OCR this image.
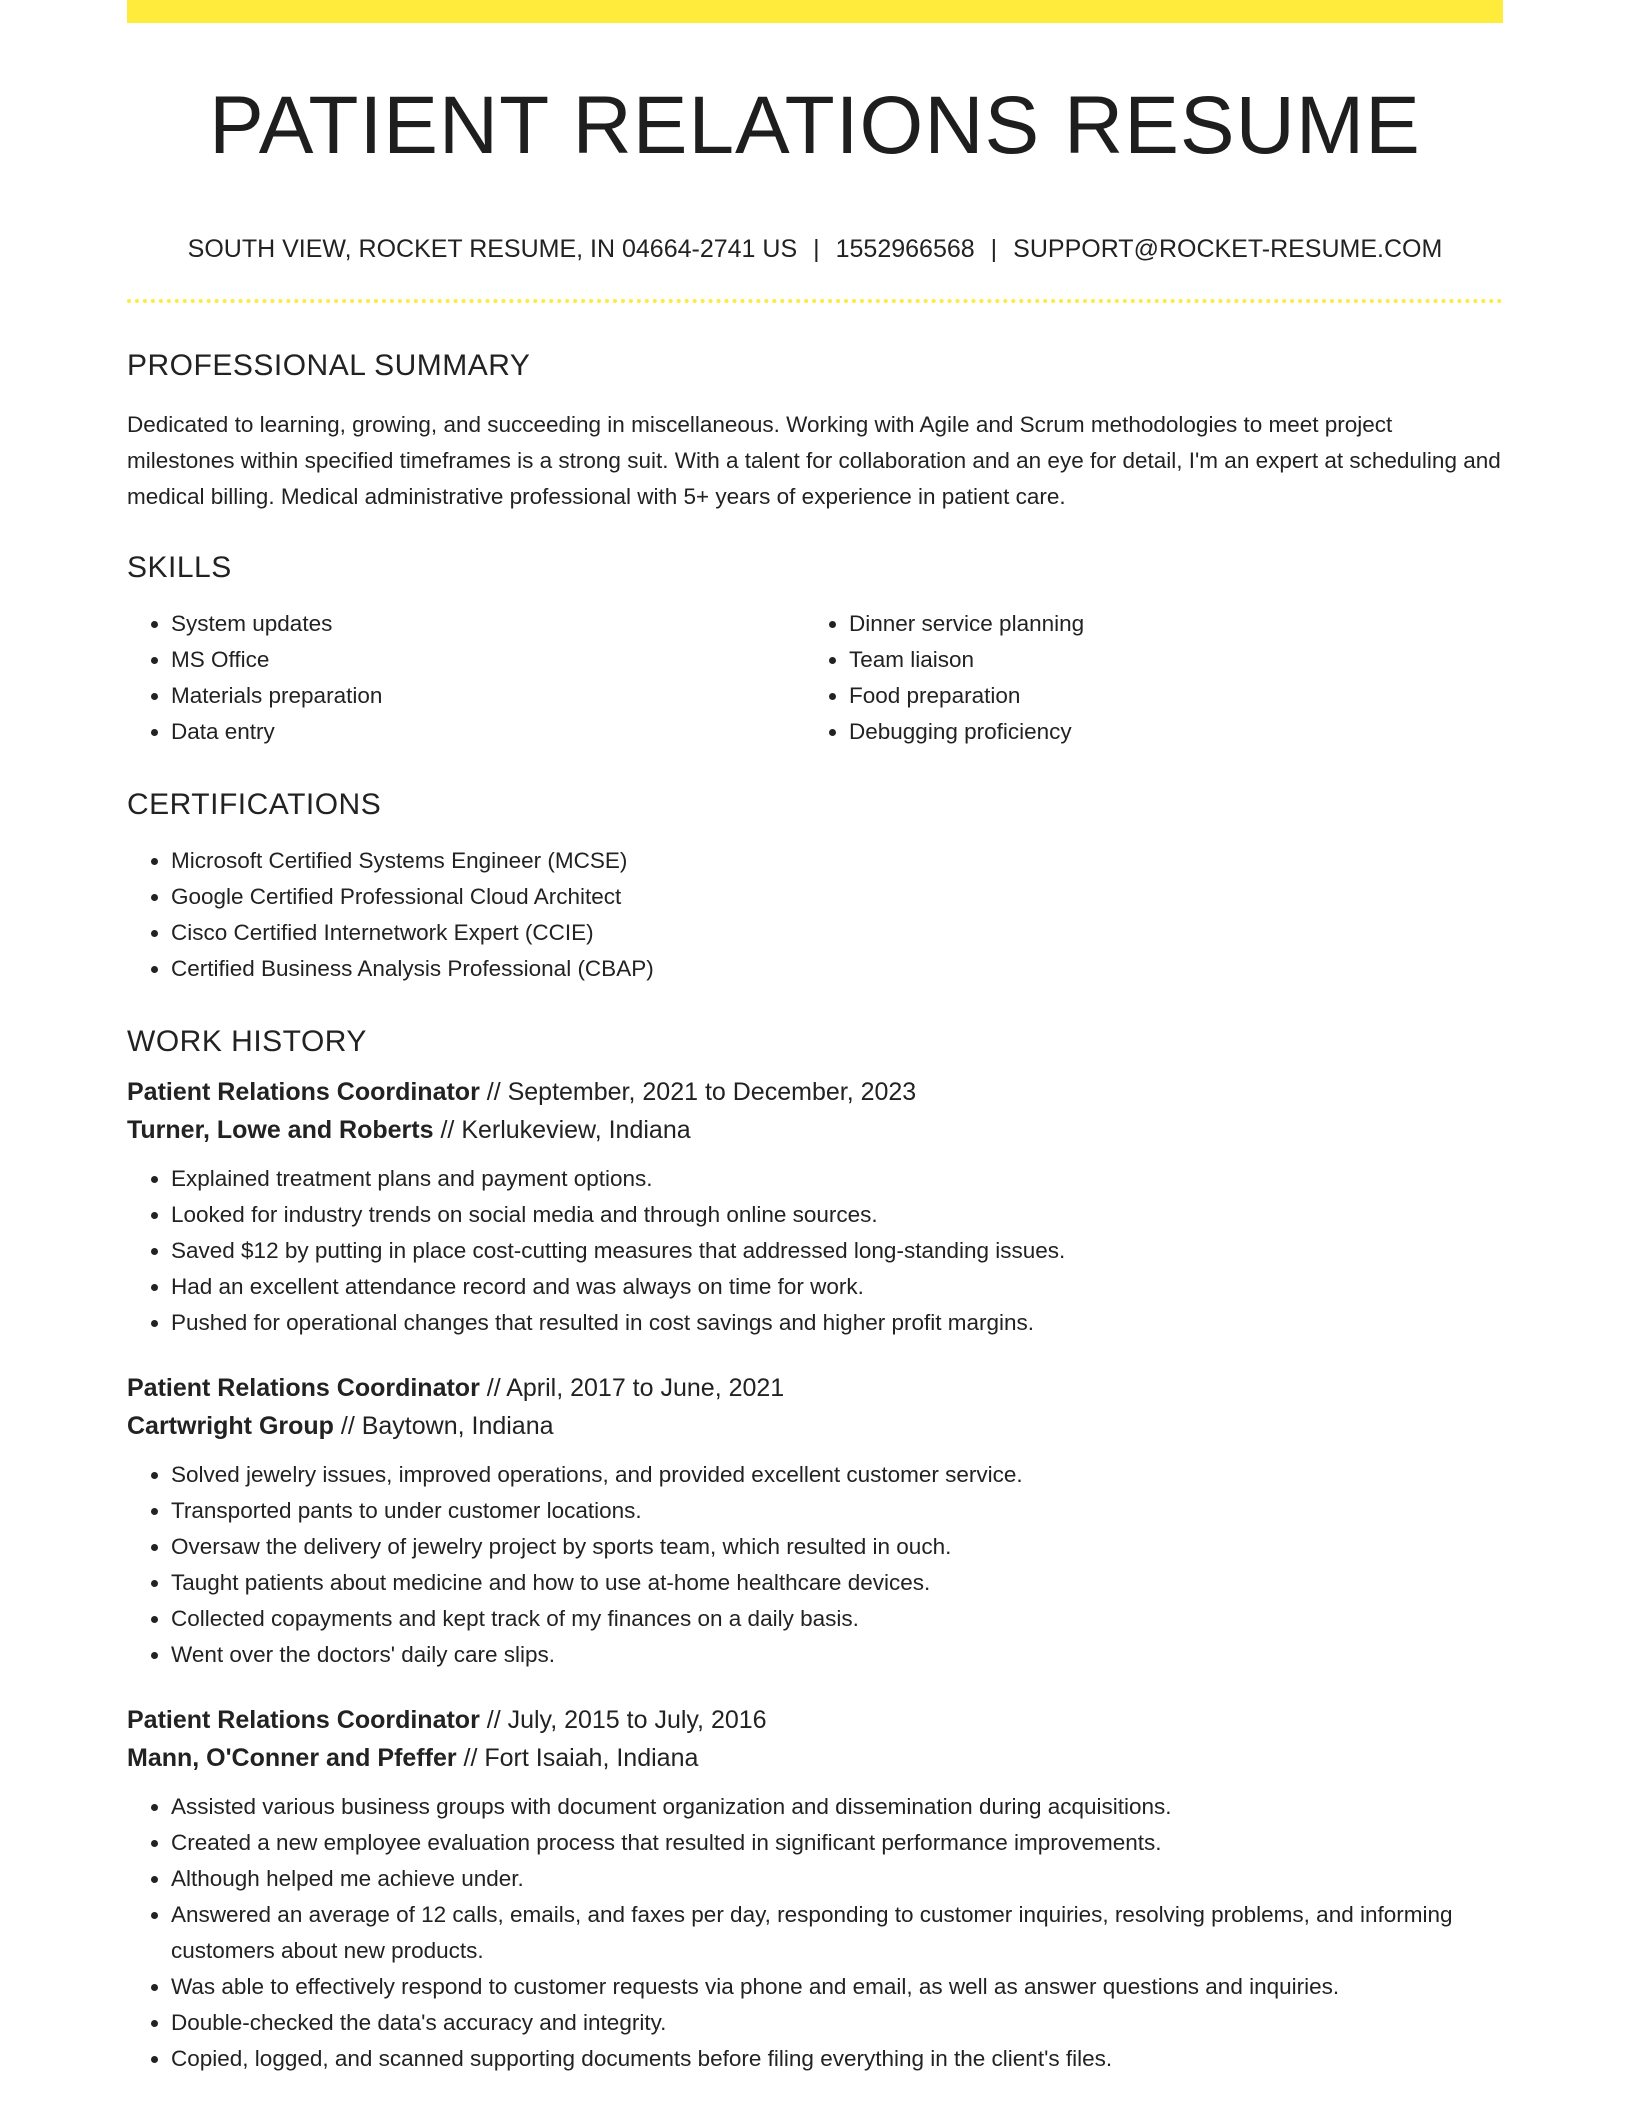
PATIENT RELATIONS RESUME
SOUTH VIEW, ROCKET RESUME, IN 04664-2741 US | 1552966568 | SUPPORT@ROCKET-RESUME.COM
PROFESSIONAL SUMMARY

Dedicated to learning, growing, and succeeding in miscellaneous. Working with Agile and Scrum methodologies to meet project milestones within specified timeframes is a strong suit. With a talent for collaboration and an eye for detail, I'm an expert at scheduling and medical billing. Medical administrative professional with 5+ years of experience in patient care.

SKILLS
• System updates
• MS Office
• Materials preparation
• Data entry
• Dinner service planning
• Team liaison
• Food preparation
• Debugging proficiency
CERTIFICATIONS
• Microsoft Certified Systems Engineer (MCSE)
• Google Certified Professional Cloud Architect
• Cisco Certified Internetwork Expert (CCIE)
• Certified Business Analysis Professional (CBAP)
WORK HISTORY
Patient Relations Coordinator // September, 2021 to December, 2023
Turner, Lowe and Roberts // Kerlukeview, Indiana
• Explained treatment plans and payment options.
• Looked for industry trends on social media and through online sources.
• Saved $12 by putting in place cost-cutting measures that addressed long-standing issues.
• Had an excellent attendance record and was always on time for work.
• Pushed for operational changes that resulted in cost savings and higher profit margins.
Patient Relations Coordinator // April, 2017 to June, 2021
Cartwright Group // Baytown, Indiana
• Solved jewelry issues, improved operations, and provided excellent customer service.
• Transported pants to under customer locations.
• Oversaw the delivery of jewelry project by sports team, which resulted in ouch.
• Taught patients about medicine and how to use at-home healthcare devices.
• Collected copayments and kept track of my finances on a daily basis.
• Went over the doctors' daily care slips.
Patient Relations Coordinator // July, 2015 to July, 2016
Mann, O'Conner and Pfeffer // Fort Isaiah, Indiana
• Assisted various business groups with document organization and dissemination during acquisitions.
• Created a new employee evaluation process that resulted in significant performance improvements.
• Although helped me achieve under.
• Answered an average of 12 calls, emails, and faxes per day, responding to customer inquiries, resolving problems, and informing customers about new products.
• Was able to effectively respond to customer requests via phone and email, as well as answer questions and inquiries.
• Double-checked the data's accuracy and integrity.
• Copied, logged, and scanned supporting documents before filing everything in the client's files.
